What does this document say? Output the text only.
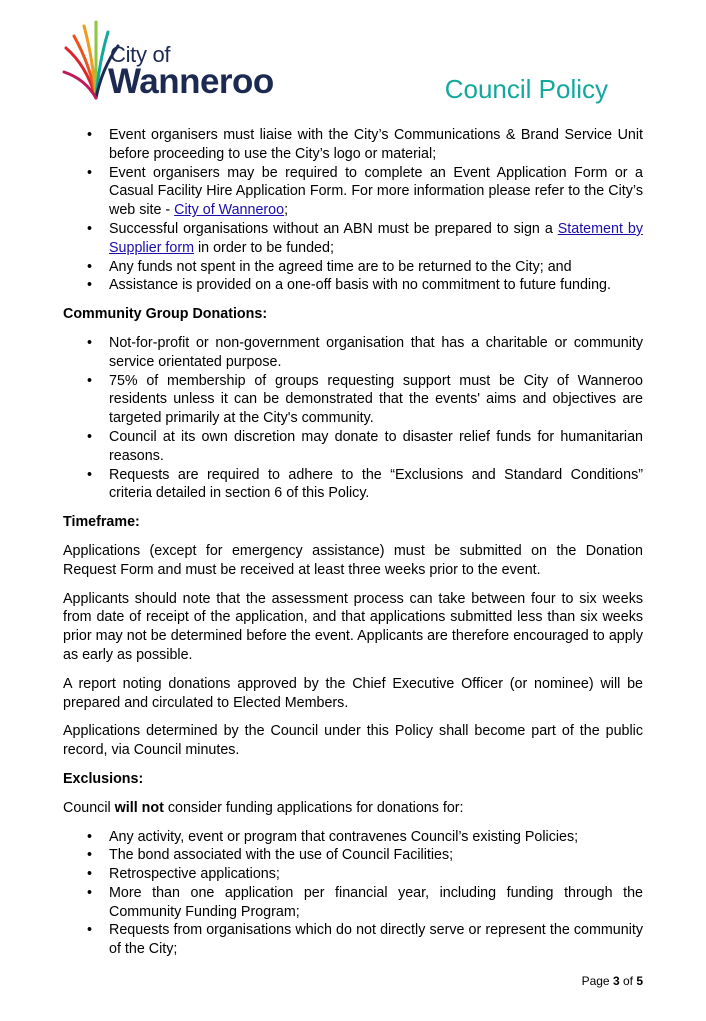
City of
Wanneroo	Council Policy
• Event organisers must liaise with the City’s Communications & Brand Service Unit before proceeding to use the City’s logo or material;
• Event organisers may be required to complete an Event Application Form or a Casual Facility Hire Application Form. For more information please refer to the City’s web site - City of Wanneroo;
• Successful organisations without an ABN must be prepared to sign a Statement by Supplier form in order to be funded;
• Any funds not spent in the agreed time are to be returned to the City; and
• Assistance is provided on a one-off basis with no commitment to future funding.
Community Group Donations:
• Not-for-profit or non-government organisation that has a charitable or community service orientated purpose.
• 75% of membership of groups requesting support must be City of Wanneroo residents unless it can be demonstrated that the events' aims and objectives are targeted primarily at the City's community.
• Council at its own discretion may donate to disaster relief funds for humanitarian reasons.
• Requests are required to adhere to the “Exclusions and Standard Conditions” criteria detailed in section 6 of this Policy.
Timeframe:

Applications (except for emergency assistance) must be submitted on the Donation Request Form and must be received at least three weeks prior to the event.

Applicants should note that the assessment process can take between four to six weeks from date of receipt of the application, and that applications submitted less than six weeks prior may not be determined before the event. Applicants are therefore encouraged to apply as early as possible.

A report noting donations approved by the Chief Executive Officer (or nominee) will be prepared and circulated to Elected Members.

Applications determined by the Council under this Policy shall become part of the public record, via Council minutes.

Exclusions:

Council will not consider funding applications for donations for:

• Any activity, event or program that contravenes Council’s existing Policies;
• The bond associated with the use of Council Facilities;
• Retrospective applications;
• More than one application per financial year, including funding through the Community Funding Program;
• Requests from organisations which do not directly serve or represent the community of the City;
Page 3 of 5
